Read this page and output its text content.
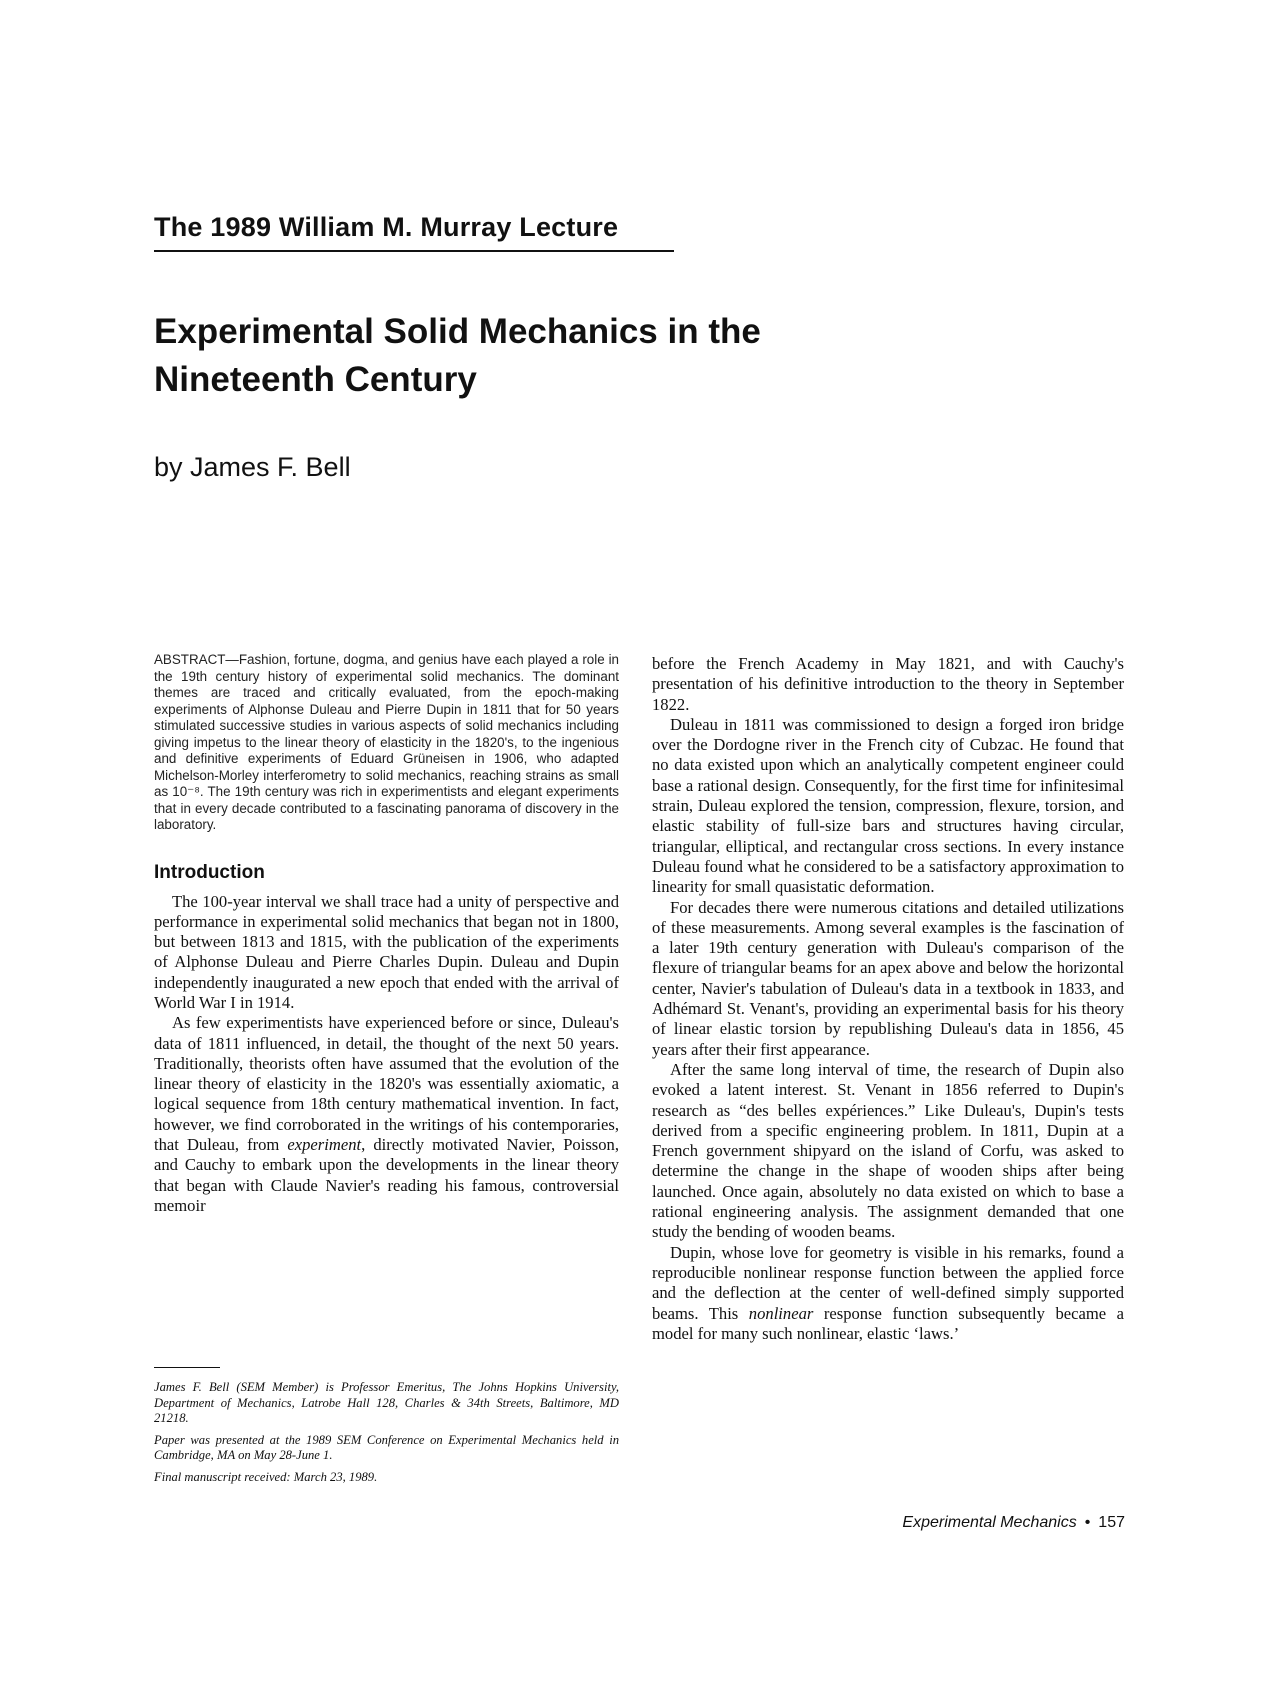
The 1989 William M. Murray Lecture
Experimental Solid Mechanics in the
Nineteenth Century
by James F. Bell

ABSTRACT—Fashion, fortune, dogma, and genius have each played a role in the 19th century history of experimental solid mechanics. The dominant themes are traced and critically evaluated, from the epoch-making experiments of Alphonse Duleau and Pierre Dupin in 1811 that for 50 years stimulated successive studies in various aspects of solid mechanics including giving impetus to the linear theory of elasticity in the 1820's, to the ingenious and definitive experiments of Eduard Grüneisen in 1906, who adapted Michelson-Morley interferometry to solid mechanics, reaching strains as small as 10⁻⁸. The 19th century was rich in experimentists and elegant experiments that in every decade contributed to a fascinating panorama of discovery in the laboratory.

Introduction

The 100-year interval we shall trace had a unity of perspective and performance in experimental solid mechanics that began not in 1800, but between 1813 and 1815, with the publication of the experiments of Alphonse Duleau and Pierre Charles Dupin. Duleau and Dupin independently inaugurated a new epoch that ended with the arrival of World War I in 1914.

As few experimentists have experienced before or since, Duleau's data of 1811 influenced, in detail, the thought of the next 50 years. Traditionally, theorists often have assumed that the evolution of the linear theory of elasticity in the 1820's was essentially axiomatic, a logical sequence from 18th century mathematical invention. In fact, however, we find corroborated in the writings of his contemporaries, that Duleau, from experiment, directly motivated Navier, Poisson, and Cauchy to embark upon the developments in the linear theory that began with Claude Navier's reading his famous, controversial memoir

James F. Bell (SEM Member) is Professor Emeritus, The Johns Hopkins University, Department of Mechanics, Latrobe Hall 128, Charles & 34th Streets, Baltimore, MD 21218.

Paper was presented at the 1989 SEM Conference on Experimental Mechanics held in Cambridge, MA on May 28-June 1.

Final manuscript received: March 23, 1989.

before the French Academy in May 1821, and with Cauchy's presentation of his definitive introduction to the theory in September 1822.

Duleau in 1811 was commissioned to design a forged iron bridge over the Dordogne river in the French city of Cubzac. He found that no data existed upon which an analytically competent engineer could base a rational design. Consequently, for the first time for infinitesimal strain, Duleau explored the tension, compression, flexure, torsion, and elastic stability of full-size bars and structures having circular, triangular, elliptical, and rectangular cross sections. In every instance Duleau found what he considered to be a satisfactory approximation to linearity for small quasistatic deformation.

For decades there were numerous citations and detailed utilizations of these measurements. Among several examples is the fascination of a later 19th century generation with Duleau's comparison of the flexure of triangular beams for an apex above and below the horizontal center, Navier's tabulation of Duleau's data in a textbook in 1833, and Adhémard St. Venant's, providing an experimental basis for his theory of linear elastic torsion by republishing Duleau's data in 1856, 45 years after their first appearance.

After the same long interval of time, the research of Dupin also evoked a latent interest. St. Venant in 1856 referred to Dupin's research as “des belles expériences.” Like Duleau's, Dupin's tests derived from a specific engineering problem. In 1811, Dupin at a French government shipyard on the island of Corfu, was asked to determine the change in the shape of wooden ships after being launched. Once again, absolutely no data existed on which to base a rational engineering analysis. The assignment demanded that one study the bending of wooden beams.

Dupin, whose love for geometry is visible in his remarks, found a reproducible nonlinear response function between the applied force and the deflection at the center of well-defined simply supported beams. This nonlinear response function subsequently became a model for many such nonlinear, elastic ‘laws.’

Experimental Mechanics • 157
